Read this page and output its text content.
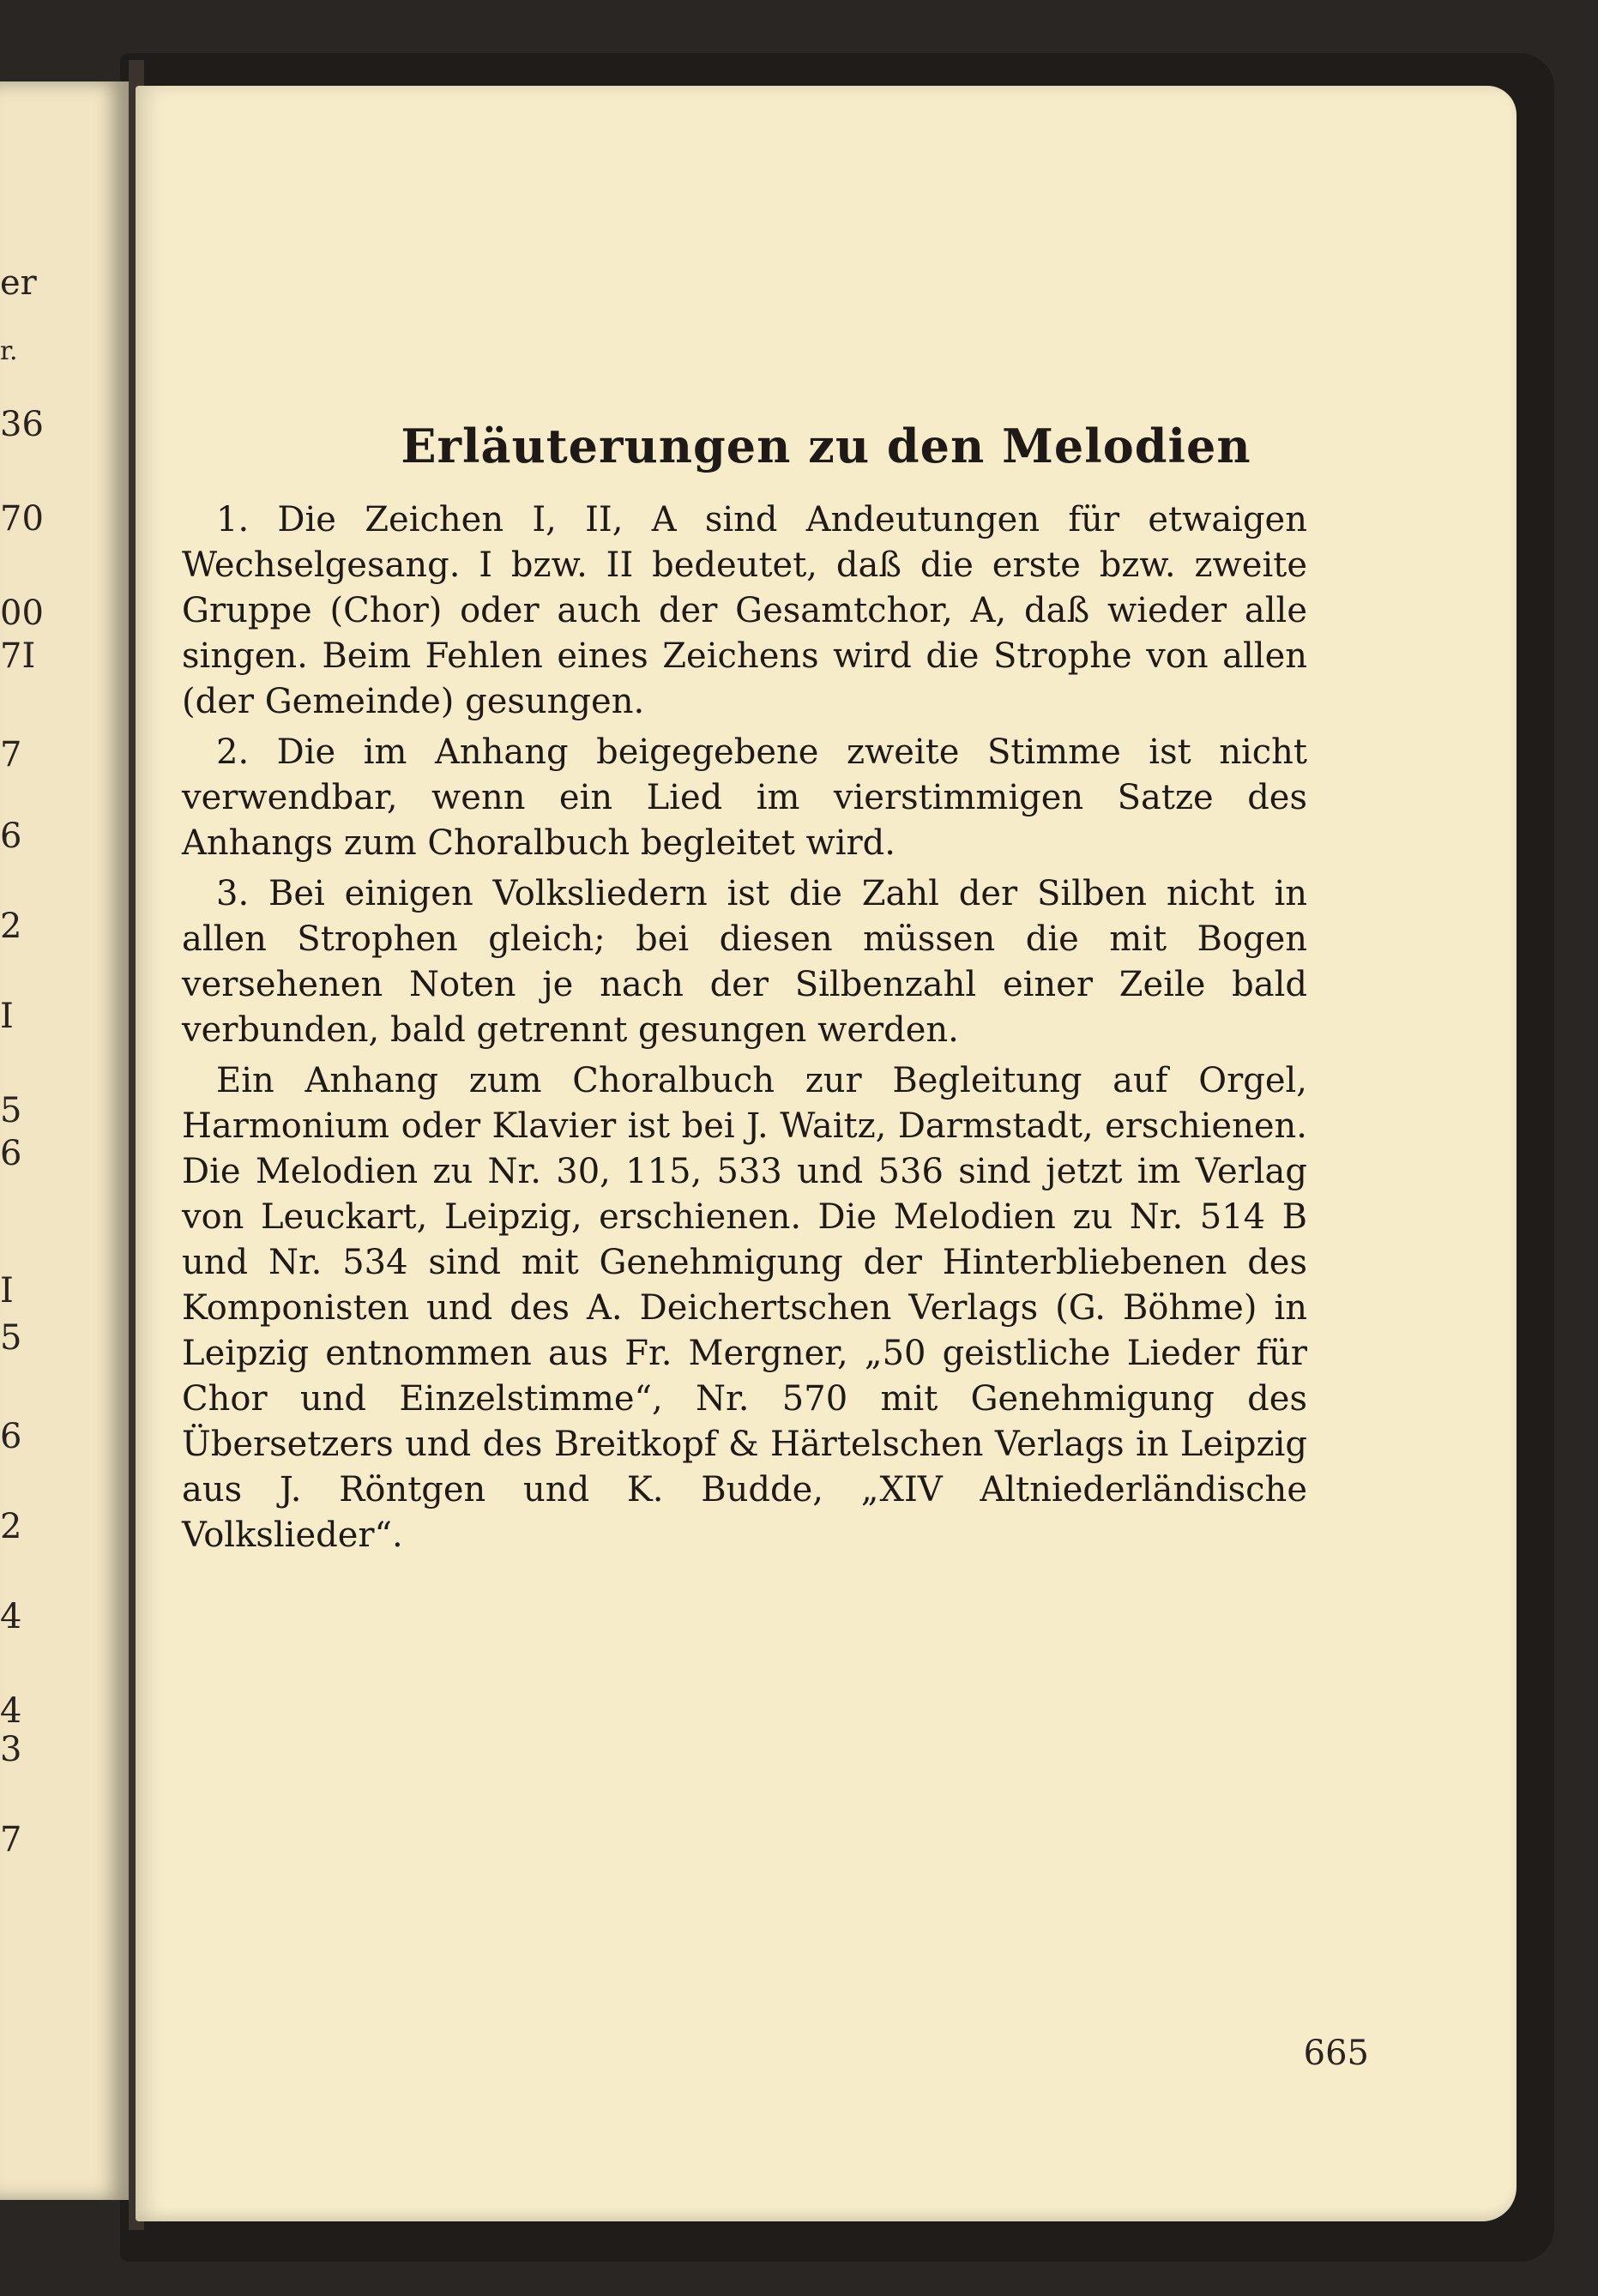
er
r.
36
70
00
7I
7
6
2
I
5
6
I
5
6
2
4
4
3
7
Erläuterungen zu den Melodien

1. Die Zeichen I, II, A sind Andeutungen für etwaigen Wechselgesang. I bzw. II bedeutet, daß die erste bzw. zweite Gruppe (Chor) oder auch der Gesamtchor, A, daß wieder alle singen. Beim Fehlen eines Zeichens wird die Strophe von allen (der Gemeinde) gesungen.

2. Die im Anhang beigegebene zweite Stimme ist nicht verwendbar, wenn ein Lied im vierstimmigen Satze des Anhangs zum Choralbuch begleitet wird.

3. Bei einigen Volksliedern ist die Zahl der Silben nicht in allen Strophen gleich; bei diesen müssen die mit Bogen versehenen Noten je nach der Silbenzahl einer Zeile bald verbunden, bald getrennt gesungen werden.

Ein Anhang zum Choralbuch zur Begleitung auf Orgel, Harmonium oder Klavier ist bei J. Waitz, Darmstadt, erschienen. Die Melodien zu Nr. 30, 115, 533 und 536 sind jetzt im Verlag von Leuckart, Leipzig, erschienen. Die Melodien zu Nr. 514 B und Nr. 534 sind mit Genehmigung der Hinterbliebenen des Komponisten und des A. Deichertschen Verlags (G. Böhme) in Leipzig entnommen aus Fr. Mergner, „50 geistliche Lieder für Chor und Einzelstimme“, Nr. 570 mit Genehmigung des Übersetzers und des Breitkopf & Härtelschen Verlags in Leipzig aus J. Röntgen und K. Budde, „XIV Altniederländische Volkslieder“.

665
